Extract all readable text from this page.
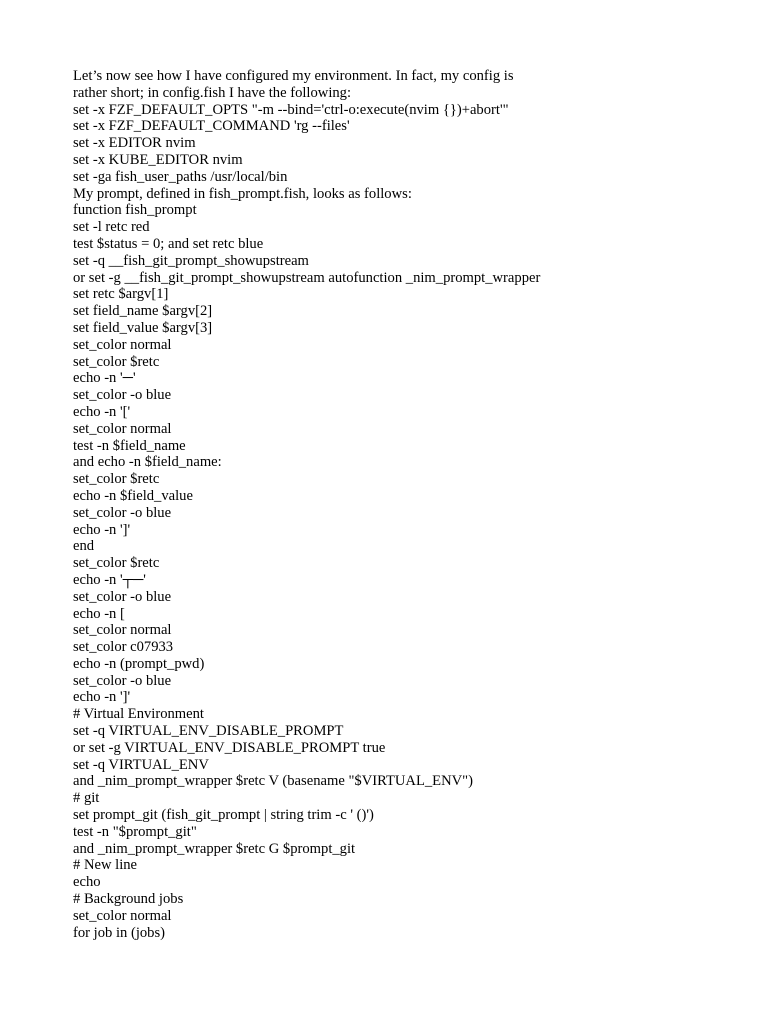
Let’s now see how I have configured my environment. In fact, my config is
rather short; in config.fish I have the following:
set -x FZF_DEFAULT_OPTS "-m --bind='ctrl-o:execute(nvim {})+abort'"
set -x FZF_DEFAULT_COMMAND 'rg --files'
set -x EDITOR nvim
set -x KUBE_EDITOR nvim
set -ga fish_user_paths /usr/local/bin
My prompt, defined in fish_prompt.fish, looks as follows:
function fish_prompt
set -l retc red
test $status = 0; and set retc blue
set -q __fish_git_prompt_showupstream
or set -g __fish_git_prompt_showupstream autofunction _nim_prompt_wrapper
set retc $argv[1]
set field_name $argv[2]
set field_value $argv[3]
set_color normal
set_color $retc
echo -n '─'
set_color -o blue
echo -n '['
set_color normal
test -n $field_name
and echo -n $field_name:
set_color $retc
echo -n $field_value
set_color -o blue
echo -n ']'
end
set_color $retc
echo -n '┬─'
set_color -o blue
echo -n [
set_color normal
set_color c07933
echo -n (prompt_pwd)
set_color -o blue
echo -n ']'
# Virtual Environment
set -q VIRTUAL_ENV_DISABLE_PROMPT
or set -g VIRTUAL_ENV_DISABLE_PROMPT true
set -q VIRTUAL_ENV
and _nim_prompt_wrapper $retc V (basename "$VIRTUAL_ENV")
# git
set prompt_git (fish_git_prompt | string trim -c ' ()')
test -n "$prompt_git"
and _nim_prompt_wrapper $retc G $prompt_git
# New line
echo
# Background jobs
set_color normal
for job in (jobs)
